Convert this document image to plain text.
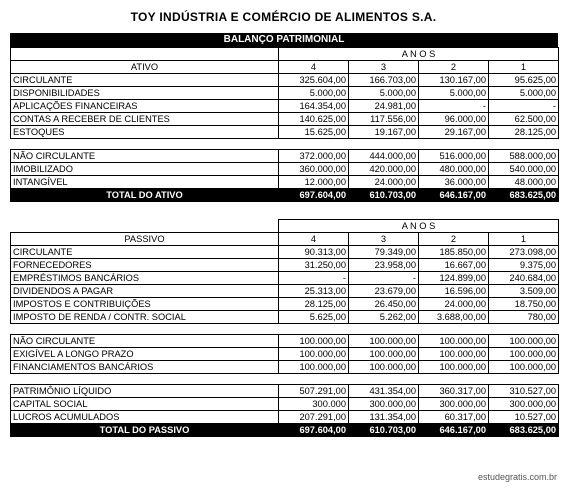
TOY INDÚSTRIA E COMÉRCIO DE ALIMENTOS S.A.
BALANÇO PATRIMONIAL
	A N O S			
ATIVO	4	3	2	1
CIRCULANTE	325.604,00	166.703,00	130.167,00	95.625,00
DISPONIBILIDADES	5.000,00	5.000,00	5.000,00	5.000,00
APLICAÇÕES FINANCEIRAS	164.354,00	24.981,00	-	-
CONTAS A RECEBER DE CLIENTES	140.625,00	117.556,00	96.000,00	62.500,00
ESTOQUES	15.625,00	19.167,00	29.167,00	28.125,00

NÃO CIRCULANTE	372.000,00	444.000,00	516.000,00	588.000,00
IMOBILIZADO	360.000,00	420.000,00	480.000,00	540.000,00
INTANGÍVEL	12.000,00	24.000,00	36.000,00	48.000,00
TOTAL DO ATIVO	697.604,00	610.703,00	646.167,00	683.625,00
	A N O S			
PASSIVO	4	3	2	1
CIRCULANTE	90.313,00	79.349,00	185.850,00	273.098,00
FORNECEDORES	31.250,00	23.958,00	16.667,00	9.375,00
EMPRÉSTIMOS BANCÁRIOS	-	-	124.899,00	240.684,00
DIVIDENDOS A PAGAR	25.313,00	23.679,00	16.596,00	3.509,00
IMPOSTOS E CONTRIBUIÇÕES	28.125,00	26.450,00	24.000,00	18.750,00
IMPOSTO DE RENDA / CONTR. SOCIAL	5.625,00	5.262,00	3.688,00,00	780,00

NÃO CIRCULANTE	100.000,00	100.000,00	100.000,00	100.000,00
EXIGÍVEL A LONGO PRAZO	100.000,00	100.000,00	100.000,00	100.000,00
FINANCIAMENTOS BANCÁRIOS	100.000,00	100.000,00	100.000,00	100.000,00

PATRIMÔNIO LÍQUIDO	507.291,00	431.354,00	360.317,00	310.527,00
CAPITAL SOCIAL	300.000	300.000,00	300.000,00	300.000,00
LUCROS ACUMULADOS	207.291,00	131.354,00	60.317,00	10.527,00
TOTAL DO PASSIVO	697.604,00	610.703,00	646.167,00	683.625,00
estudegratis.com.br
